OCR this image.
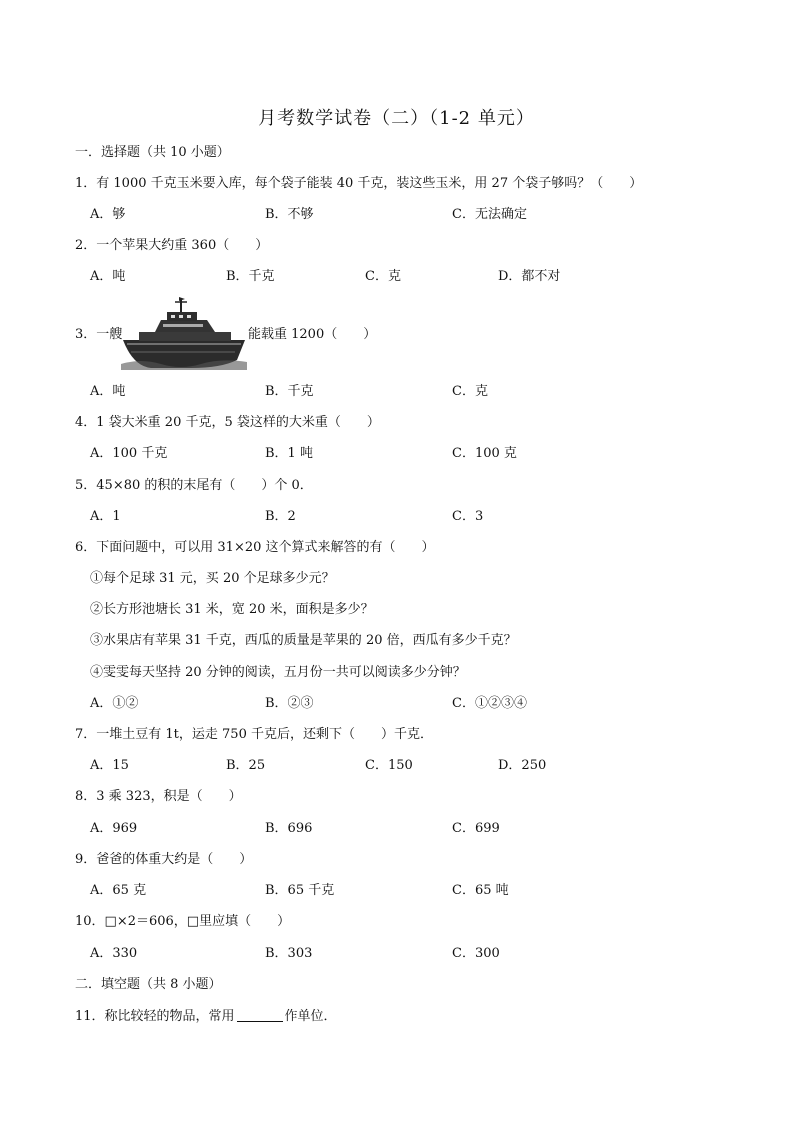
月考数学试卷（二）（1-2 单元）
一．选择题（共 10 小题）
1．有 1000 千克玉米要入库，每个袋子能装 40 千克，装这些玉米，用 27 个袋子够吗？（　　）
A．够	B．不够	C．无法确定
2．一个苹果大约重 360（　　）
A．吨	B．千克	C．克	D．都不对
3．一艘	能载重 1200（　　）
A．吨	B．千克	C．克
4．1 袋大米重 20 千克，5 袋这样的大米重（　　）
A．100 千克	B．1 吨	C．100 克
5．45×80 的积的末尾有（　　）个 0．
A．1	B．2	C．3
6．下面问题中，可以用 31×20 这个算式来解答的有（　　）
①每个足球 31 元，买 20 个足球多少元？
②长方形池塘长 31 米，宽 20 米，面积是多少？
③水果店有苹果 31 千克，西瓜的质量是苹果的 20 倍，西瓜有多少千克？
④雯雯每天坚持 20 分钟的阅读，五月份一共可以阅读多少分钟？
A．①②	B．②③	C．①②③④
7．一堆土豆有 1t，运走 750 千克后，还剩下（　　）千克．
A．15	B．25	C．150	D．250
8．3 乘 323，积是（　　）
A．969	B．696	C．699
9．爸爸的体重大约是（　　）
A．65 克	B．65 千克	C．65 吨
10．□×2＝606，□里应填（　　）
A．330	B．303	C．300
二．填空题（共 8 小题）
11．称比较轻的物品，常用	作单位．
